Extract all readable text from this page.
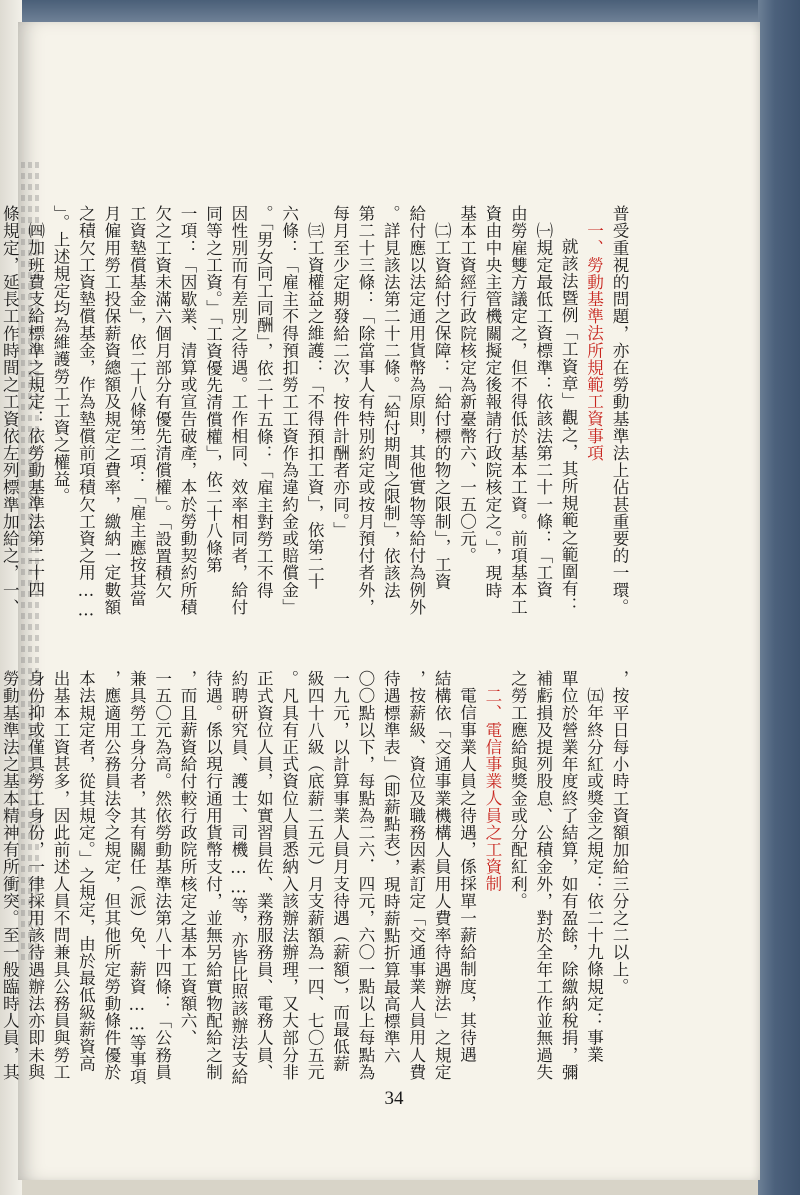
普受重視的問題，亦在勞動基準法上佔甚重要的一環。

一、勞動基準法所規範工資事項

就該法暨例「工資章」觀之，其所規範之範圍有：

㈠規定最低工資標準：依該法第二十一條：「工資

由勞雇雙方議定之，但不得低於基本工資。前項基本工

資由中央主管機關擬定後報請行政院核定之。」，現時

基本工資經行政院核定為新臺幣六、一五〇元。

㈡工資給付之保障：「給付標的物之限制」，工資

給付應以法定通用貨幣為原則，其他實物等給付為例外

。詳見該法第二十二條。「給付期間之限制」，依該法

第二十三條：「除當事人有特別約定或按月預付者外，

每月至少定期發給二次，按件計酬者亦同。」

㈢工資權益之維護：「不得預扣工資」，依第二十

六條：「雇主不得預扣勞工工資作為違約金或賠償金」

。「男女同工同酬」，依二十五條：「雇主對勞工不得

因性別而有差別之待遇。工作相同、效率相同者，給付

同等之工資。」「工資優先清償權」，依二十八條第

一項：「因歇業、清算或宣告破產，本於勞動契約所積

欠之工資未滿六個月部分有優先清償權」。「設置積欠

工資墊償基金」，依二十八條第二項：「雇主應按其當

月僱用勞工投保薪資總額及規定之費率，繳納一定數額

之積欠工資墊償基金，作為墊償前項積欠工資之用……

」。上述規定均為維護勞工工資之權益。

㈣加班費支給標準之規定：依勞動基準法第二十四

條規定，延長工作時間之工資依左列標準加給之，一、

，按平日每小時工資額加給三分之二以上。

㈤年終分紅或獎金之規定：依二十九條規定：事業

單位於營業年度終了結算，如有盈餘，除繳納稅捐，彌

補虧損及提列股息、公積金外，對於全年工作並無過失

之勞工應給與獎金或分配紅利。

二、電信事業人員之工資制

電信事業人員之待遇，係採單一薪給制度，其待遇

結構依「交通事業機構人員用人費率待遇辦法」之規定

，按薪級、資位及職務因素訂定「交通事業人員用人費

待遇標準表」（即薪點表），現時薪點折算最高標準六

〇〇點以下，每點為二六．四元，六〇一點以上每點為

一九元，以計算事業人員月支待遇（薪額），而最低薪

級四十八級（底薪二五元）月支薪額為一四、七〇五元

。凡具有正式資位人員悉納入該辦法辦理，又大部分非

正式資位人員，如實習員佐、業務服務員、電務人員、

約聘研究員、護士、司機……等，亦皆比照該辦法支給

待遇。係以現行通用貨幣支付，並無另給實物配給之制

，而且薪資給付較行政院所核定之基本工資額六、

一五〇元為高。然依勞動基準法第八十四條：「公務員

兼具勞工身分者，其有關任（派）免、薪資……等事項

，應適用公務員法令之規定，但其他所定勞動條件優於

本法規定者，從其規定。」之規定，由於最低級薪資高

出基本工資甚多，因此前述人員不問兼具公務員與勞工

身份抑或僅具勞工身份，一律採用該待遇辦法亦即未與

勞動基準法之基本精神有所衝突。至一般臨時人員，其

34
